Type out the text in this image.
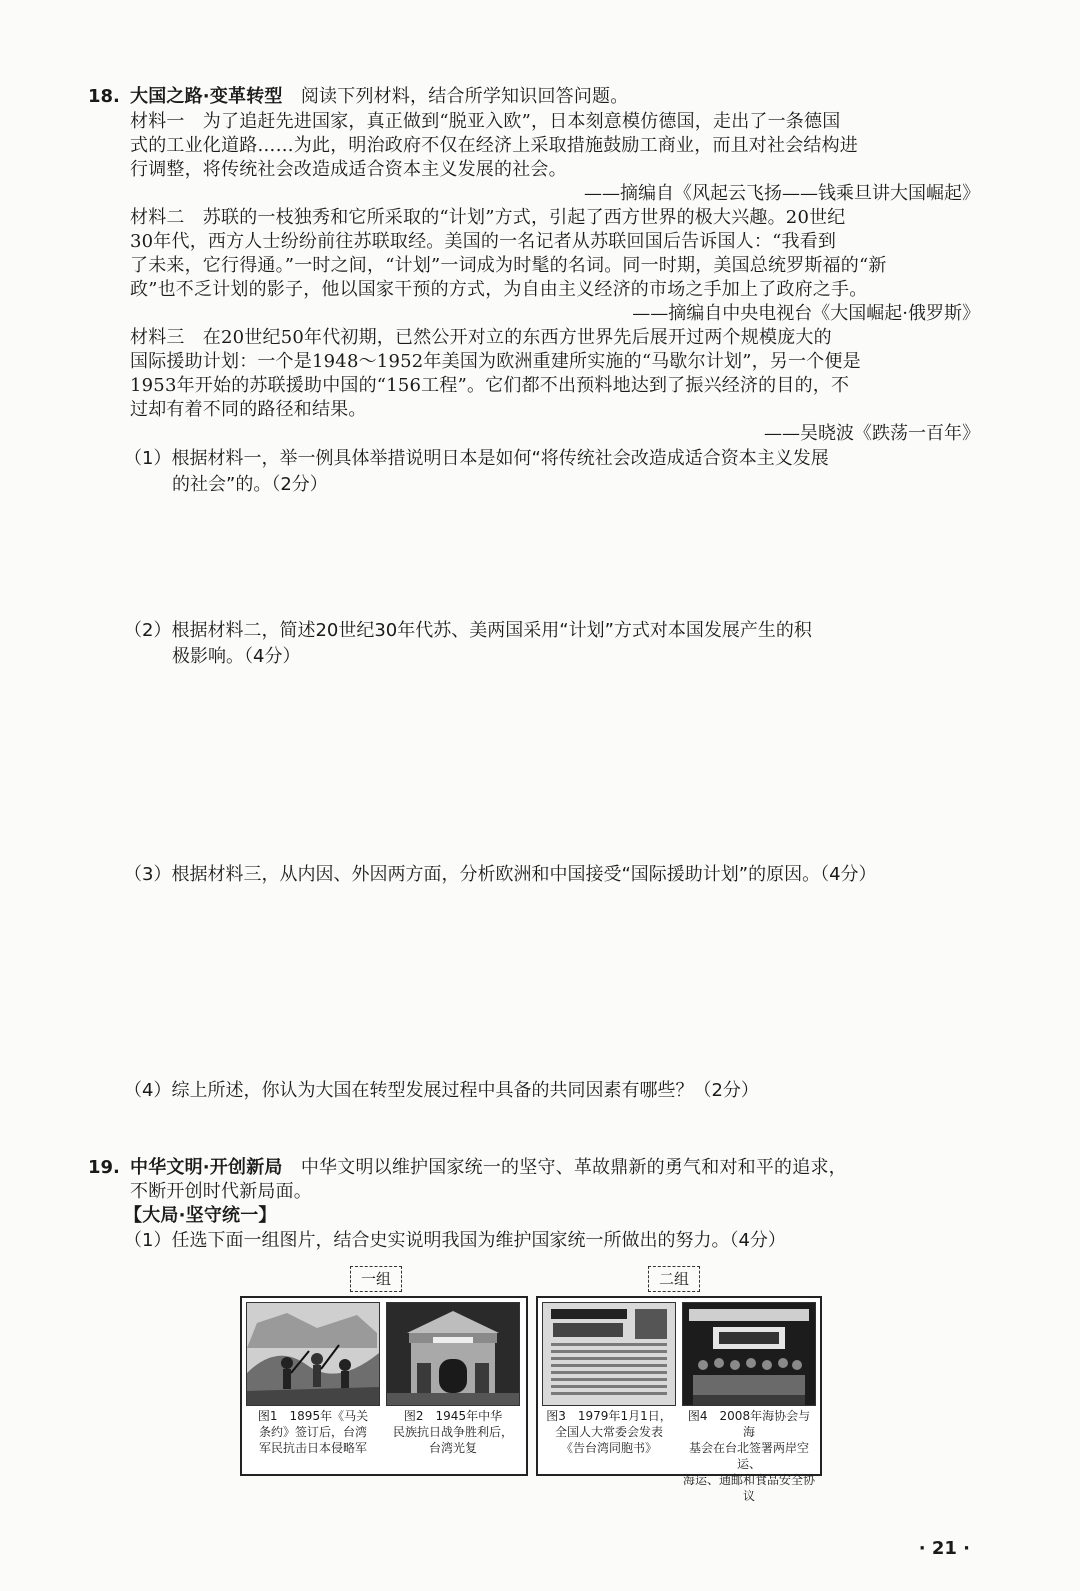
18. 大国之路·变革转型　 阅读下列材料，结合所学知识回答问题。
材料一　为了追赶先进国家，真正做到“脱亚入欧”，日本刻意模仿德国，走出了一条德国
式的工业化道路……为此，明治政府不仅在经济上采取措施鼓励工商业，而且对社会结构进
行调整，将传统社会改造成适合资本主义发展的社会。
——摘编自《风起云飞扬——钱乘旦讲大国崛起》
材料二　苏联的一枝独秀和它所采取的“计划”方式，引起了西方世界的极大兴趣。20世纪
30年代，西方人士纷纷前往苏联取经。美国的一名记者从苏联回国后告诉国人：“我看到
了未来，它行得通。”一时之间，“计划”一词成为时髦的名词。同一时期，美国总统罗斯福的“新
政”也不乏计划的影子，他以国家干预的方式，为自由主义经济的市场之手加上了政府之手。
——摘编自中央电视台《大国崛起·俄罗斯》
材料三　在20世纪50年代初期，已然公开对立的东西方世界先后展开过两个规模庞大的
国际援助计划：一个是1948～1952年美国为欧洲重建所实施的“马歇尔计划”，另一个便是
1953年开始的苏联援助中国的“156工程”。它们都不出预料地达到了振兴经济的目的，不
过却有着不同的路径和结果。
——吴晓波《跌荡一百年》
（1）根据材料一，举一例具体举措说明日本是如何“将传统社会改造成适合资本主义发展
的社会”的。（2分）
（2）根据材料二，简述20世纪30年代苏、美两国采用“计划”方式对本国发展产生的积
极影响。（4分）
（3）根据材料三，从内因、外因两方面，分析欧洲和中国接受“国际援助计划”的原因。（4分）
（4）综上所述，你认为大国在转型发展过程中具备的共同因素有哪些？（2分）
19. 中华文明·开创新局　 中华文明以维护国家统一的坚守、革故鼎新的勇气和对和平的追求，
不断开创时代新局面。
【大局·坚守统一】
（1）任选下面一组图片，结合史实说明我国为维护国家统一所做出的努力。（4分）
一组	二组
图1　1895年《马关
条约》签订后，台湾
军民抗击日本侵略军
图2　1945年中华
民族抗日战争胜利后，
台湾光复
图3　1979年1月1日，
全国人大常委会发表
《告台湾同胞书》
图4　2008年海协会与海
基会在台北签署两岸空运、
海运、通邮和食品安全协议
· 21 ·
